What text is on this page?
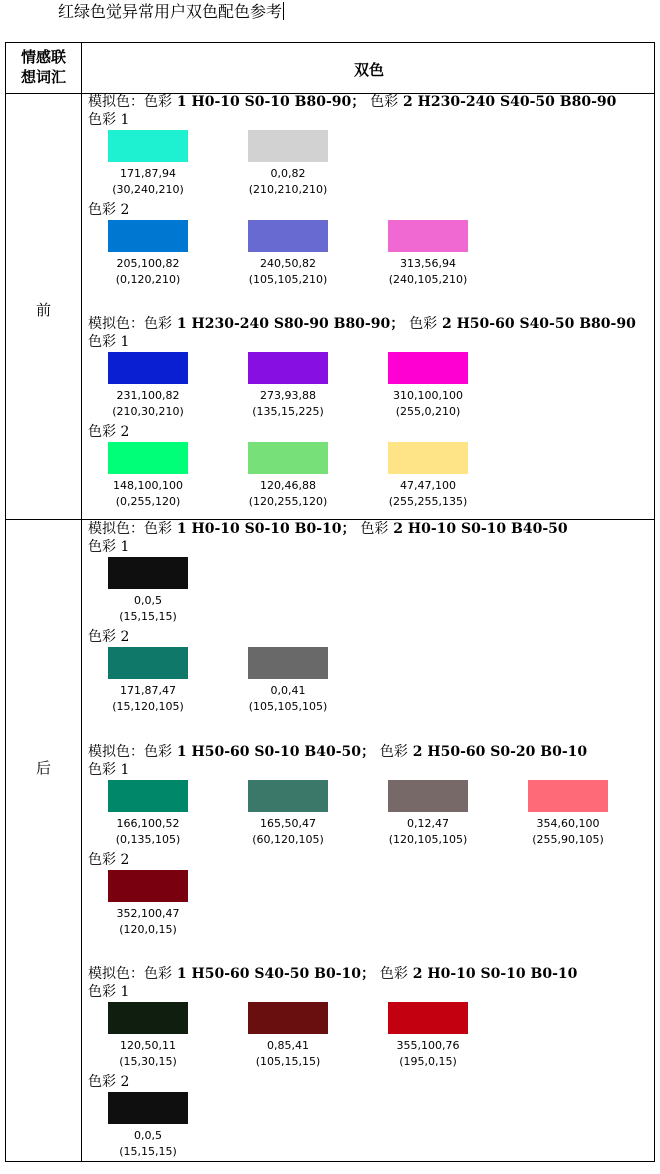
红绿色觉异常用户双色配色参考
情感联
想词汇	双色
前
后
模拟色：色彩 1 H0-10 S0-10 B80-90； 色彩 2 H230-240 S40-50 B80-90
色彩 1
171,87,94
(30,240,210)
0,0,82
(210,210,210)
色彩 2
205,100,82
(0,120,210)
240,50,82
(105,105,210)
313,56,94
(240,105,210)
模拟色：色彩 1 H230-240 S80-90 B80-90； 色彩 2 H50-60 S40-50 B80-90
色彩 1
231,100,82
(210,30,210)
273,93,88
(135,15,225)
310,100,100
(255,0,210)
色彩 2
148,100,100
(0,255,120)
120,46,88
(120,255,120)
47,47,100
(255,255,135)
模拟色：色彩 1 H0-10 S0-10 B0-10； 色彩 2 H0-10 S0-10 B40-50
色彩 1
0,0,5
(15,15,15)
色彩 2
171,87,47
(15,120,105)
0,0,41
(105,105,105)
模拟色：色彩 1 H50-60 S0-10 B40-50； 色彩 2 H50-60 S0-20 B0-10
色彩 1
166,100,52
(0,135,105)
165,50,47
(60,120,105)
0,12,47
(120,105,105)
354,60,100
(255,90,105)
色彩 2
352,100,47
(120,0,15)
模拟色：色彩 1 H50-60 S40-50 B0-10； 色彩 2 H0-10 S0-10 B0-10
色彩 1
120,50,11
(15,30,15)
0,85,41
(105,15,15)
355,100,76
(195,0,15)
色彩 2
0,0,5
(15,15,15)
